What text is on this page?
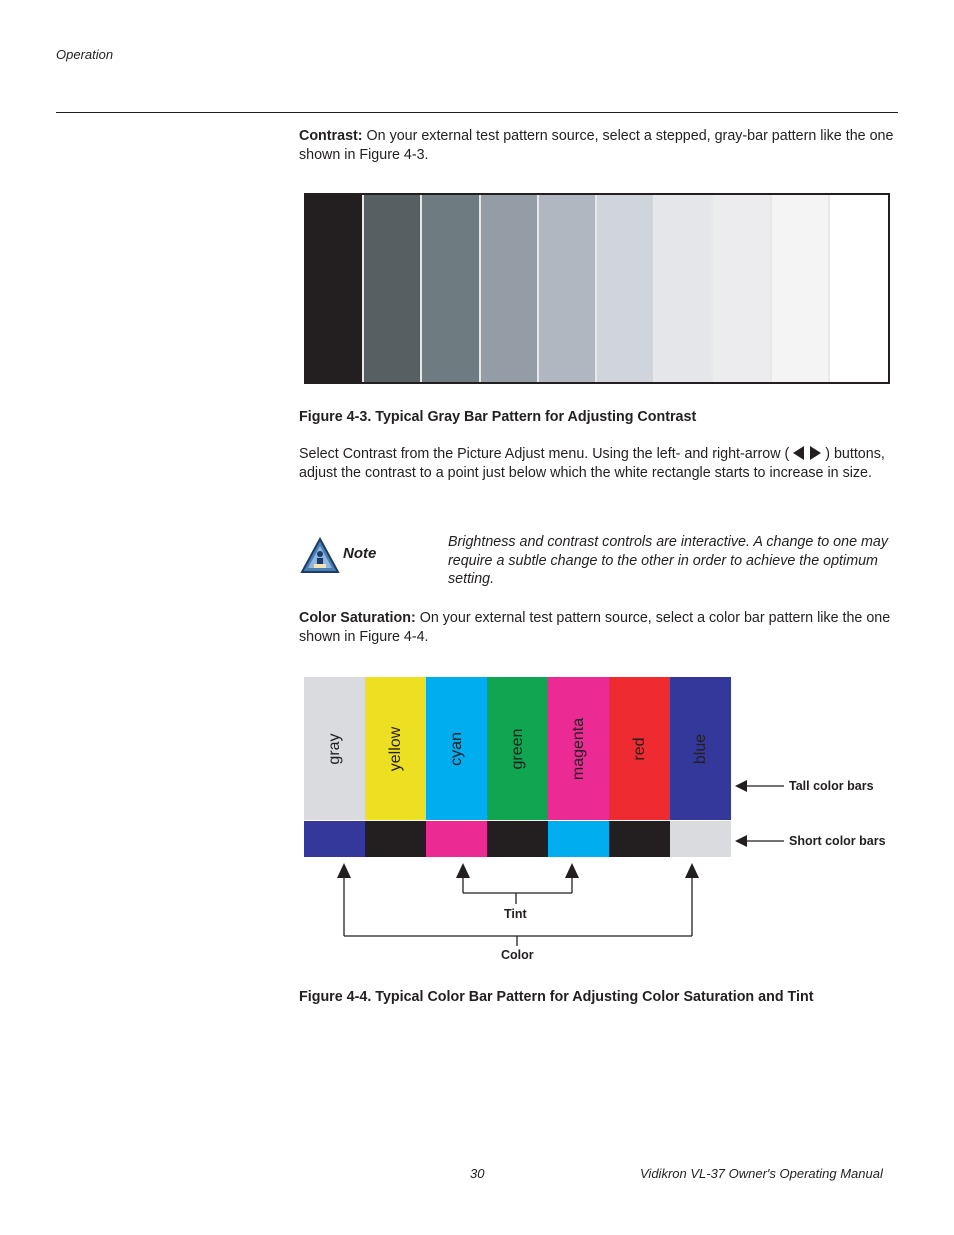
Operation
Contrast: On your external test pattern source, select a stepped, gray-bar pattern like the one shown in Figure 4-3.
Figure 4-3. Typical Gray Bar Pattern for Adjusting Contrast
Select Contrast from the Picture Adjust menu. Using the left- and right-arrow (  ) buttons, adjust the contrast to a point just below which the white rectangle starts to increase in size.
Note
Brightness and contrast controls are interactive. A change to one may require a subtle change to the other in order to achieve the optimum setting.
Color Saturation: On your external test pattern source, select a color bar pattern like the one shown in Figure 4-4.
gray	yellow	cyan	green	magenta	red	blue
Tall color bars
Short color bars
Tint
Color
Figure 4-4. Typical Color Bar Pattern for Adjusting Color Saturation and Tint
30	Vidikron VL-37 Owner's Operating Manual
